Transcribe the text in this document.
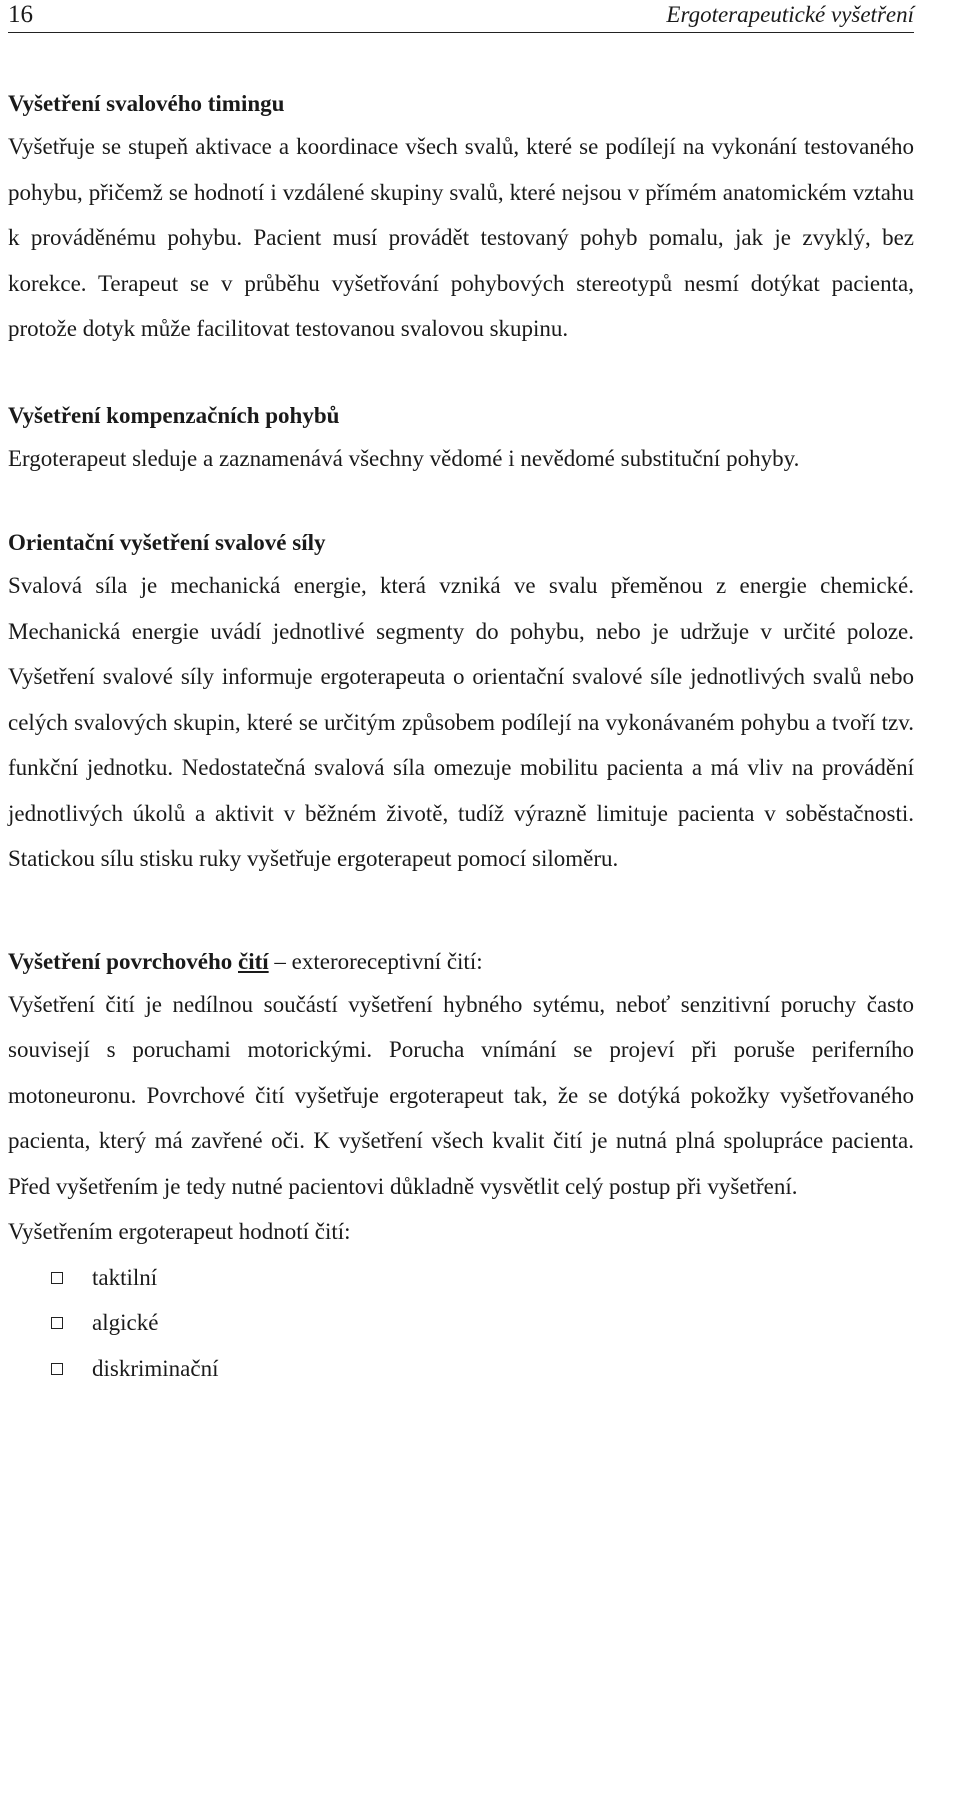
16	Ergoterapeutické vyšetření
Vyšetření svalového timingu

Vyšetřuje se stupeň aktivace a koordinace všech svalů, které se podílejí na vykonání testovaného pohybu, přičemž se hodnotí i vzdálené skupiny svalů, které nejsou v přímém anatomickém vztahu k prováděnému pohybu. Pacient musí provádět testovaný pohyb pomalu, jak je zvyklý, bez korekce. Terapeut se v průběhu vyšetřování pohybových stereotypů nesmí dotýkat pacienta, protože dotyk může facilitovat testovanou svalovou skupinu.

Vyšetření kompenzačních pohybů

Ergoterapeut sleduje a zaznamenává všechny vědomé i nevědomé substituční pohyby.

Orientační vyšetření svalové síly

Svalová síla je mechanická energie, která vzniká ve svalu přeměnou z energie chemické. Mechanická energie uvádí jednotlivé segmenty do pohybu, nebo je udržuje v určité poloze. Vyšetření svalové síly informuje ergoterapeuta o orientační svalové síle jednotlivých svalů nebo celých svalových skupin, které se určitým způsobem podílejí na vykonávaném pohybu a tvoří tzv. funkční jednotku. Nedostatečná svalová síla omezuje mobilitu pacienta a má vliv na provádění jednotlivých úkolů a aktivit v běžném životě, tudíž výrazně limituje pacienta v soběstačnosti. Statickou sílu stisku ruky vyšetřuje ergoterapeut pomocí siloměru.

Vyšetření povrchového čití – exteroreceptivní čití:

Vyšetření čití je nedílnou součástí vyšetření hybného sytému, neboť senzitivní poruchy často souvisejí s poruchami motorickými. Porucha vnímání se projeví při poruše periferního motoneuronu. Povrchové čití vyšetřuje ergoterapeut tak, že se dotýká pokožky vyšetřovaného pacienta, který má zavřené oči. K vyšetření všech kvalit čití je nutná plná spolupráce pacienta. Před vyšetřením je tedy nutné pacientovi důkladně vysvětlit celý postup při vyšetření.

Vyšetřením ergoterapeut hodnotí čití:

taktilní
algické
diskriminační
